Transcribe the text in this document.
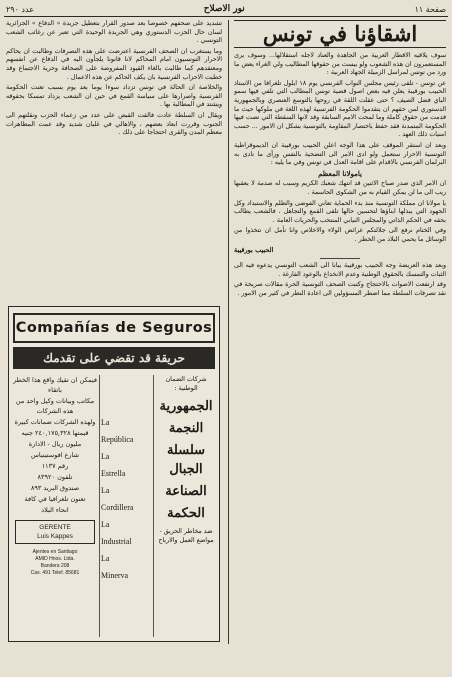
صفحة ١١
نور الاصلاح
عدد ٢٩٠
اشقاؤنا في تونس

سوف يلاقيه الاقطار العربية من الجاهدة والعناد لاجله استقلالها... وسوف يرى المستعمرون ان هذه الشعوب ولو بيست من حقوقها المطاليب ولي الغراء يعض ما ورد من تونس لمراسل الزميلة الجهاد العربية :

عن تونس - تلقى رئيس مجلس النواب الفرنسي يوم ١٨ ايلول تلغرافا من الاستاذ الحبيب بورقيبة يعلن فيه بعض اصول قضية تونس المطالب التي تلفي فيها سمو الباي فضل الصيف ؟ حتى عقلت اللقة في روحها بالتوسع العنصري وبالجمهورية الدستوري لمن حقهم ان يتقدموا الحكومة الفرنسية لهذه اللغة في ملوكها حيث ما قدمت من حقوق كاملة وما لمحت الامم السابقة وقد لانها السقطة التي تصت فيها الحكومة المتمدنة فقد حفظ باختصار المقاومة بالتونسية بشكل ان الامور ... حسب امنيات ذلك العهد .

وبعد ان استقر الموقف على هذا الوجه اعلن الحبيب بورقيبة ان الديموقراطية التونسية الاحرار ستعمل ولو ادى الامر الى التضحية بالنفس ورأى ما نادى به البرلمان الفرنسي بالاقدام على اقامة العدل في تونس وفي ما يليه :

يامولانا المعظم

ان الامر الذي صدر صباح الاثنين قد انتهك شعبك الكريم وسبب له صدمة لا يعقبها ريب الى ما لن يمكن القيام به من الشكوى الحاسمة .

يا مولانا ان مملكة التونسية منذ بدء الحماية تعاني الفوضى والظلم والاستبداد وكل الجهود التي يبذلها ابناؤها لتحسين حالها تلقى القمع والتجاهل ، فالشعب يطالب بحقه في الحكم الذاتي والمجلس النيابي المنتخب والحريات العامة .

وفي الختام نرفع الى جلالتكم عرائض الولاء والاخلاص وانا نأمل ان تتخذوا من الوسائل ما يحمي البلاد من الخطر .

الحبيب بورقيبة

وبعد هذه العريضة وجه الحبيب بورقيبة بيانا الى الشعب التونسي يدعوه فيه الى الثبات والتمسك بالحقوق الوطنية وعدم الانخداع بالوعود الفارغة .

وقد ارتفعت الاصوات بالاحتجاج وكتبت الصحف التونسية الحرة مقالات صريحة في نقد تصرفات السلطة مما اضطر المسؤولين الى اعادة النظر في كثير من الامور .

تشديد على صحفهم خصوصا بعد صدور القرار بتعطيل جريدة « الدفاع » الجزائرية لسان حال الحزب الدستوري وهي الجريدة الوحيدة التي تعبر عن رغائب الشعب التونسي .

وما يستغرب ان الصحف الفرنسية اعترضت على هذه التصرفات وطالبت ان يحاكم الاحرار التونسيون امام المحاكم لانا قانونا يلجأون اليه في الدفاع عن انفسهم ومعتقدهم كما طالبت بالغاء القيود المفروضة على الصحافة وحرية الاجتماع وقد خطبت الاحزاب الفرنسية بان يكف الحاكم عن هذه الاعمال .

والخلاصة ان الحالة في تونس تزداد سوءا يوما بعد يوم بسبب تعنت الحكومة الفرنسية واصرارها على سياسة القمع في حين ان الشعب يزداد تمسكا بحقوقه ويشتد في المطالبة بها .

ويقال ان السلطة عادت فالقت القبض على عدد من زعماء الحزب ونقلتهم الى الجنوب وقررت ابعاد بعضهم ، والاهالي في غليان شديد وقد عمت المظاهرات معظم المدن والقرى احتجاجا على ذلك .

Compañías de Seguros
حريقة قد تقضي على تقدمك
فيمكن ان تقيك واقع هذا الخطر باتقاء
مكاتب وبيانات وكيل واحد من هذه الشركات
ولهذه الشركات ضمانات كبيرة
قيمتها ٢٤٠,١٧٥,٣٢٨ جنيه
مليون ريال - الادارة
شارع افوستينياس
رقم ١١٣٧
تلفون ٨٣٩٢٠
صندوق البريد ٨٩٣
تعنون تلغرافيا في كافة
انحاء البلاد
GERENTE
Luis Kappes
Ajentes en Santiago
AMID Hnos. Ltda.
Bandera 208
Cas. 491 Telef. 85681
La
República
La
Estrella
La
Cordillera
La
Industrial
La
Minerva
شركات الضمان الوطنية :
الجمهورية
النجمة
سلسلة الجبال
الصناعة
الحكمة
ضد مخاطر الحريق - مواضع العمل والارباح
